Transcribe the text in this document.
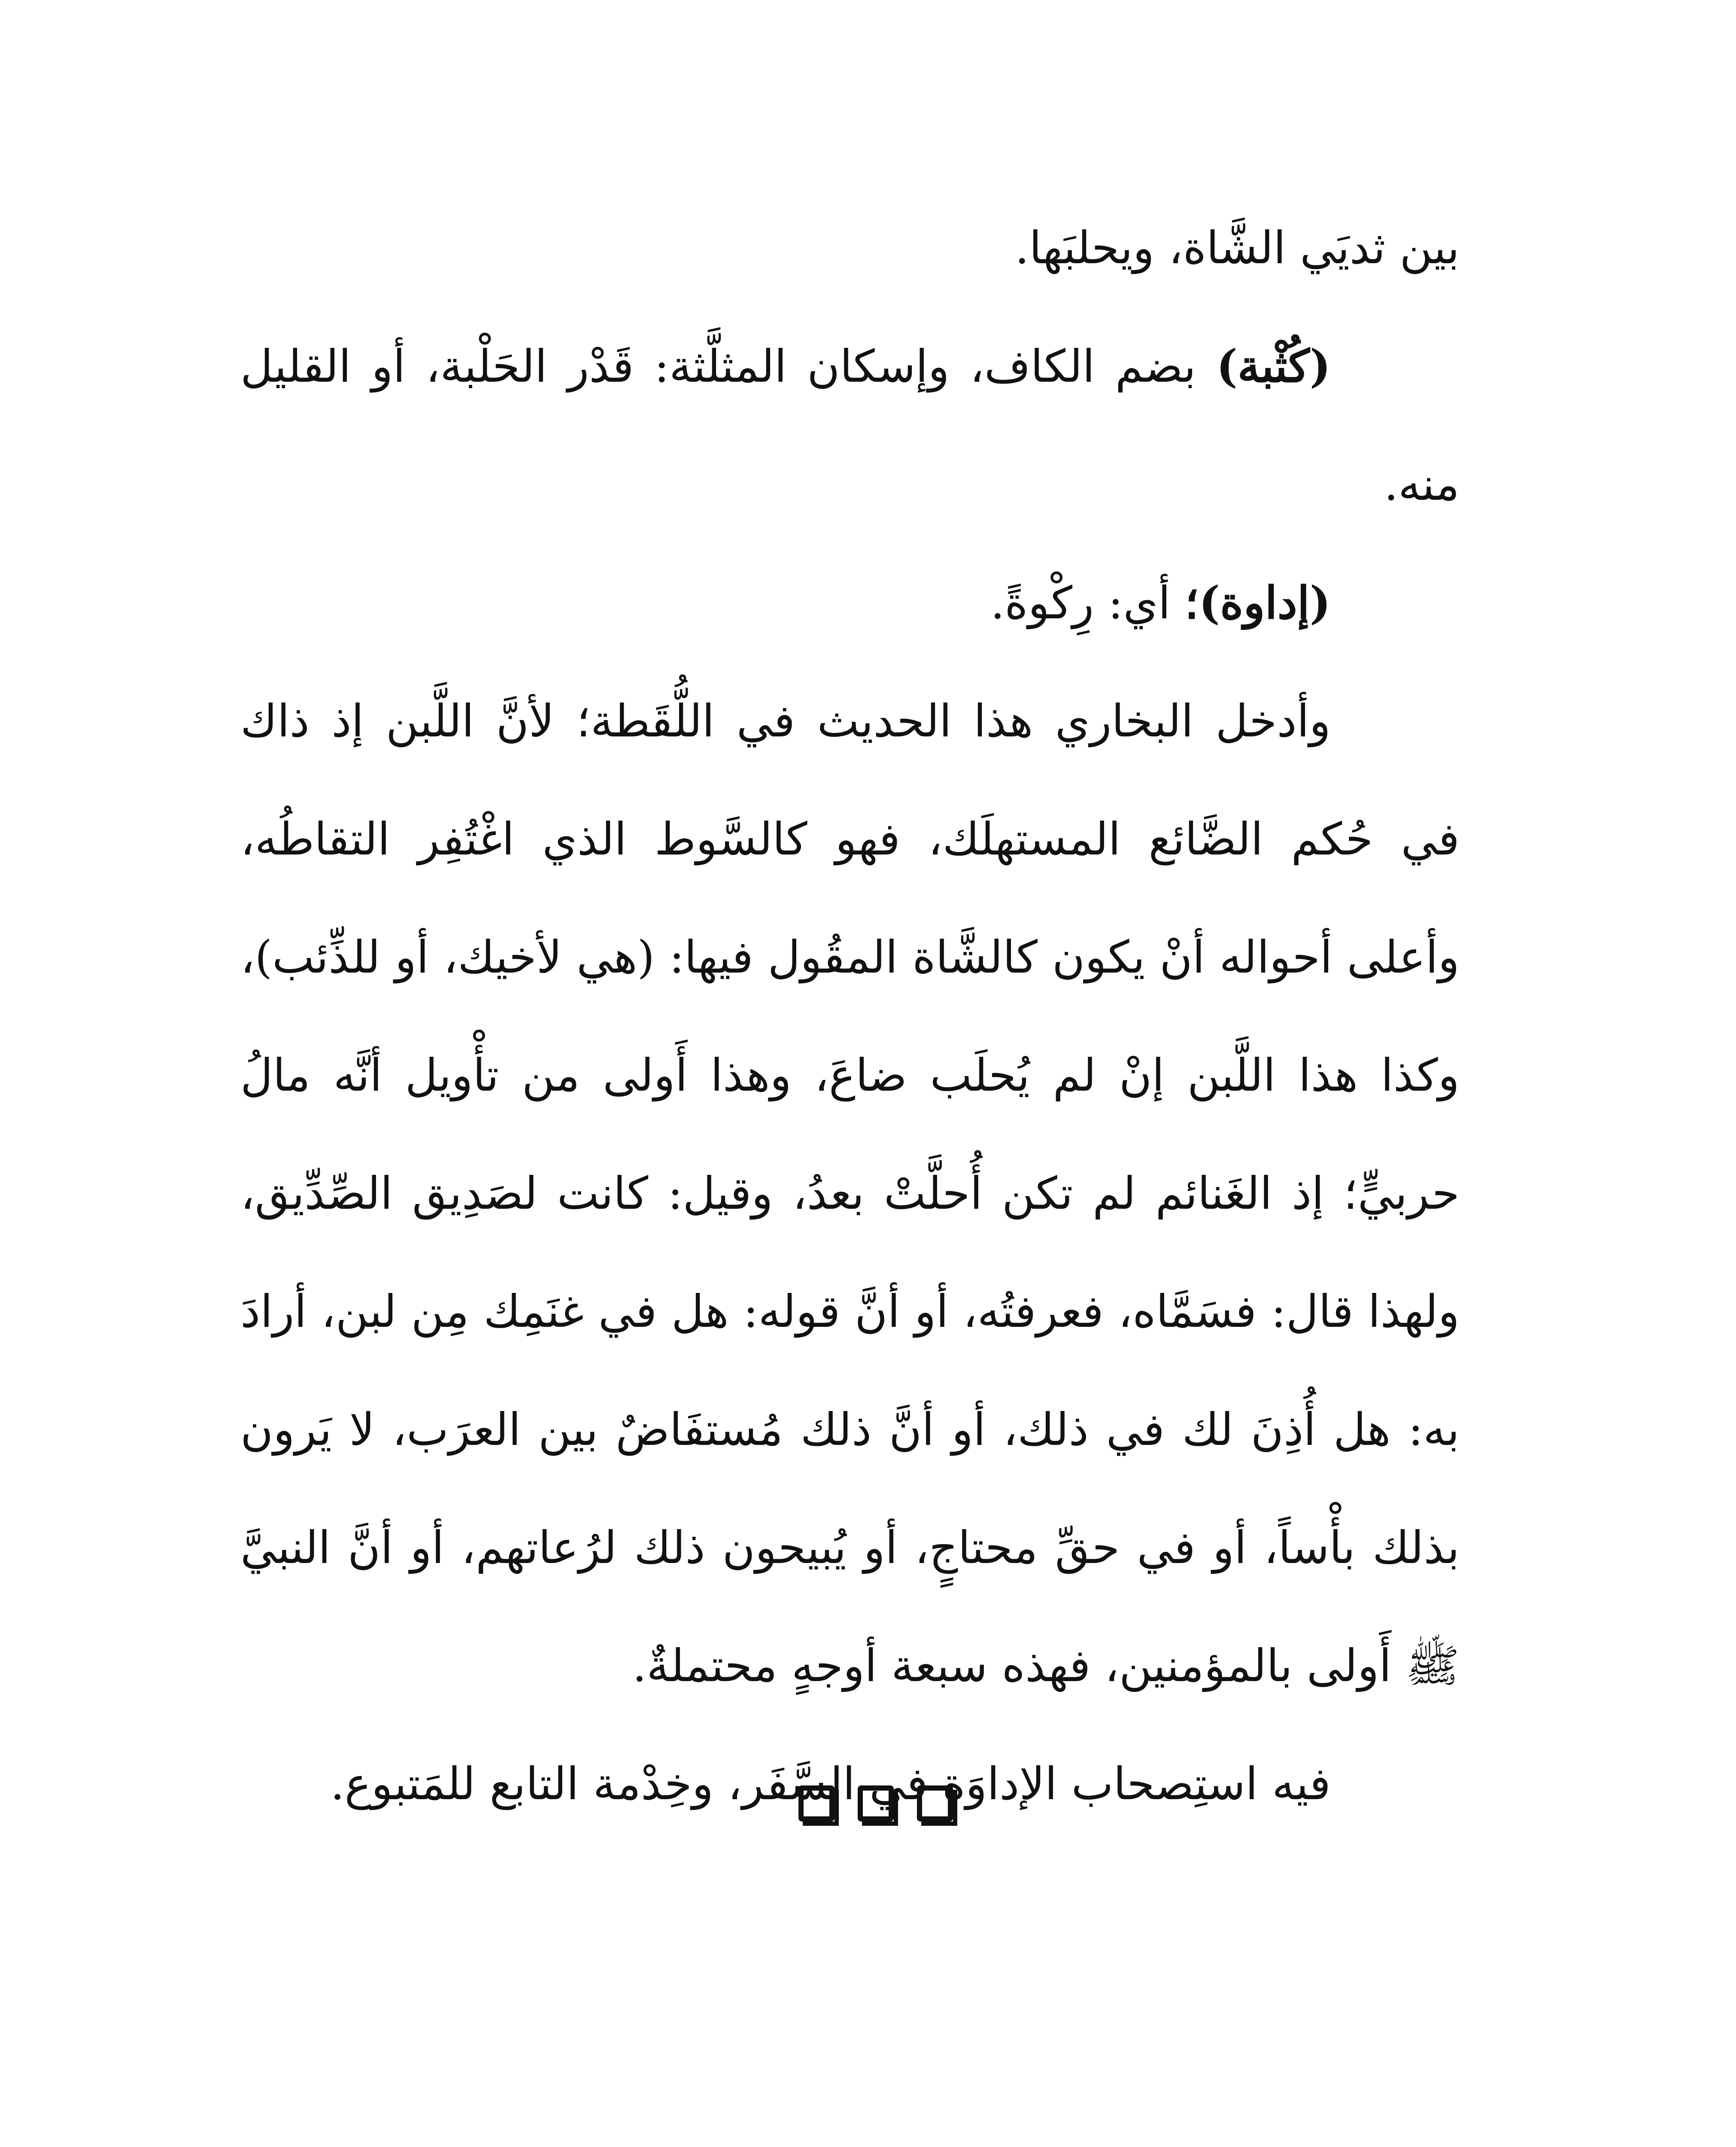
بين ثديَي الشَّاة، ويحلبَها.

(كُثْبة) بضم الكاف، وإسكان المثلَّثة: قَدْر الحَلْبة، أو القليل منه.

(إداوة)؛ أي: رِكْوةً.

وأدخل البخاري هذا الحديث في اللُّقَطة؛ لأنَّ اللَّبن إذ ذاك في حُكم الضَّائع المستهلَك، فهو كالسَّوط الذي اغْتُفِر التقاطُه، وأعلى أحواله أنْ يكون كالشَّاة المقُول فيها: (هي لأخيك، أو للذِّئب)، وكذا هذا اللَّبن إنْ لم يُحلَب ضاعَ، وهذا أَولى من تأْويل أنَّه مالُ حربيٍّ؛ إذ الغَنائم لم تكن أُحلَّتْ بعدُ، وقيل: كانت لصَدِيق الصِّدِّيق، ولهذا قال: فسَمَّاه، فعرفتُه، أو أنَّ قوله: هل في غنَمِك مِن لبن، أرادَ به: هل أُذِنَ لك في ذلك، أو أنَّ ذلك مُستفَاضٌ بين العرَب، لا يَرون بذلك بأْساً، أو في حقِّ محتاجٍ، أو يُبيحون ذلك لرُعاتهم، أو أنَّ النبيَّ ﷺ أَولى بالمؤمنين، فهذه سبعة أوجهٍ محتملةٌ.

فيه استِصحاب الإداوَة في السَّفَر، وخِدْمة التابع للمَتبوع.
